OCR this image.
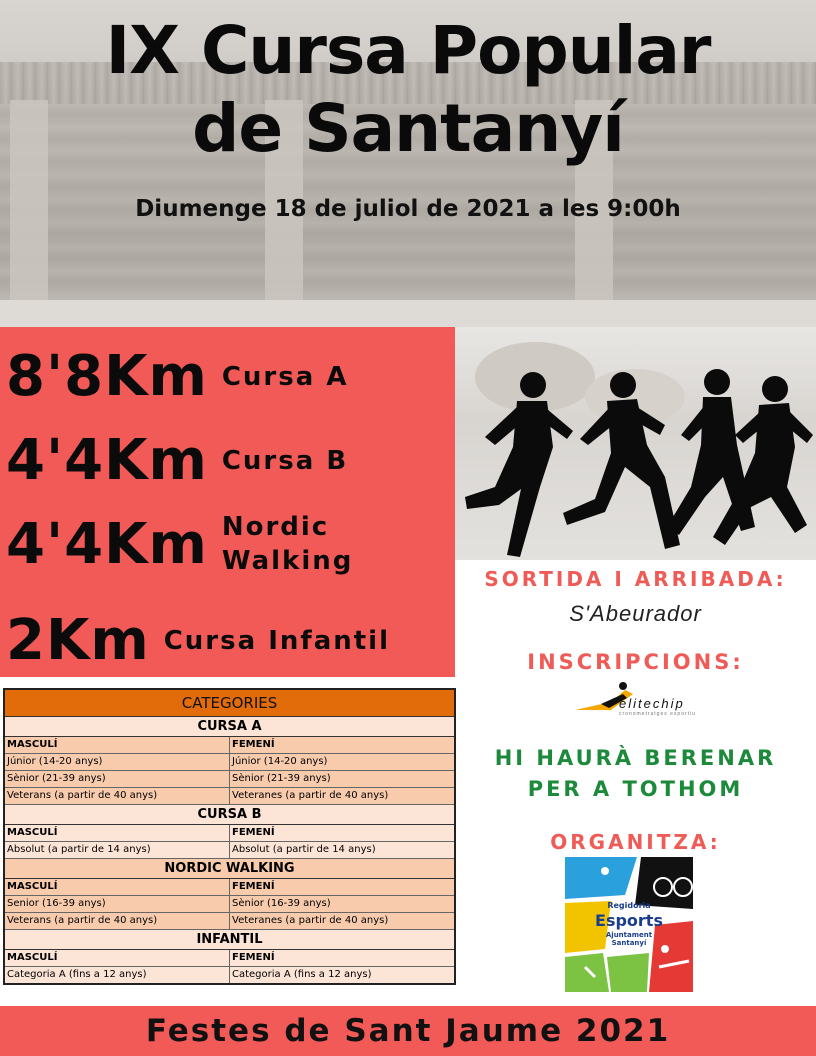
IX Cursa Popular
de Santanyí
Diumenge 18 de juliol de 2021 a les 9:00h
8'8Km Cursa A
4'4Km Cursa B
4'4Km Nordic
Walking
2Km Cursa Infantil
SORTIDA I ARRIBADA:
S'Abeurador
INSCRIPCIONS:
elitechip
cronometratges esportiu
HI HAURÀ BERENAR
PER A TOTHOM
ORGANITZA:
Regidoria
Esports
Ajuntament
Santanyí
CATEGORIES
CURSA A
MASCULÍ	FEMENÍ
Júnior (14-20 anys)	Júnior (14-20 anys)
Sènior (21-39 anys)	Sènior (21-39 anys)
Veterans (a partir de 40 anys)	Veteranes (a partir de 40 anys)
CURSA B
MASCULÍ	FEMENÍ
Absolut (a partir de 14 anys)	Absolut (a partir de 14 anys)
NORDIC WALKING
MASCULÍ	FEMENÍ
Senior (16-39 anys)	Sènior (16-39 anys)
Veterans (a partir de 40 anys)	Veteranes (a partir de 40 anys)
INFANTIL
MASCULÍ	FEMENÍ
Categoria A (fins a 12 anys)	Categoria A (fins a 12 anys)
Festes de Sant Jaume 2021
